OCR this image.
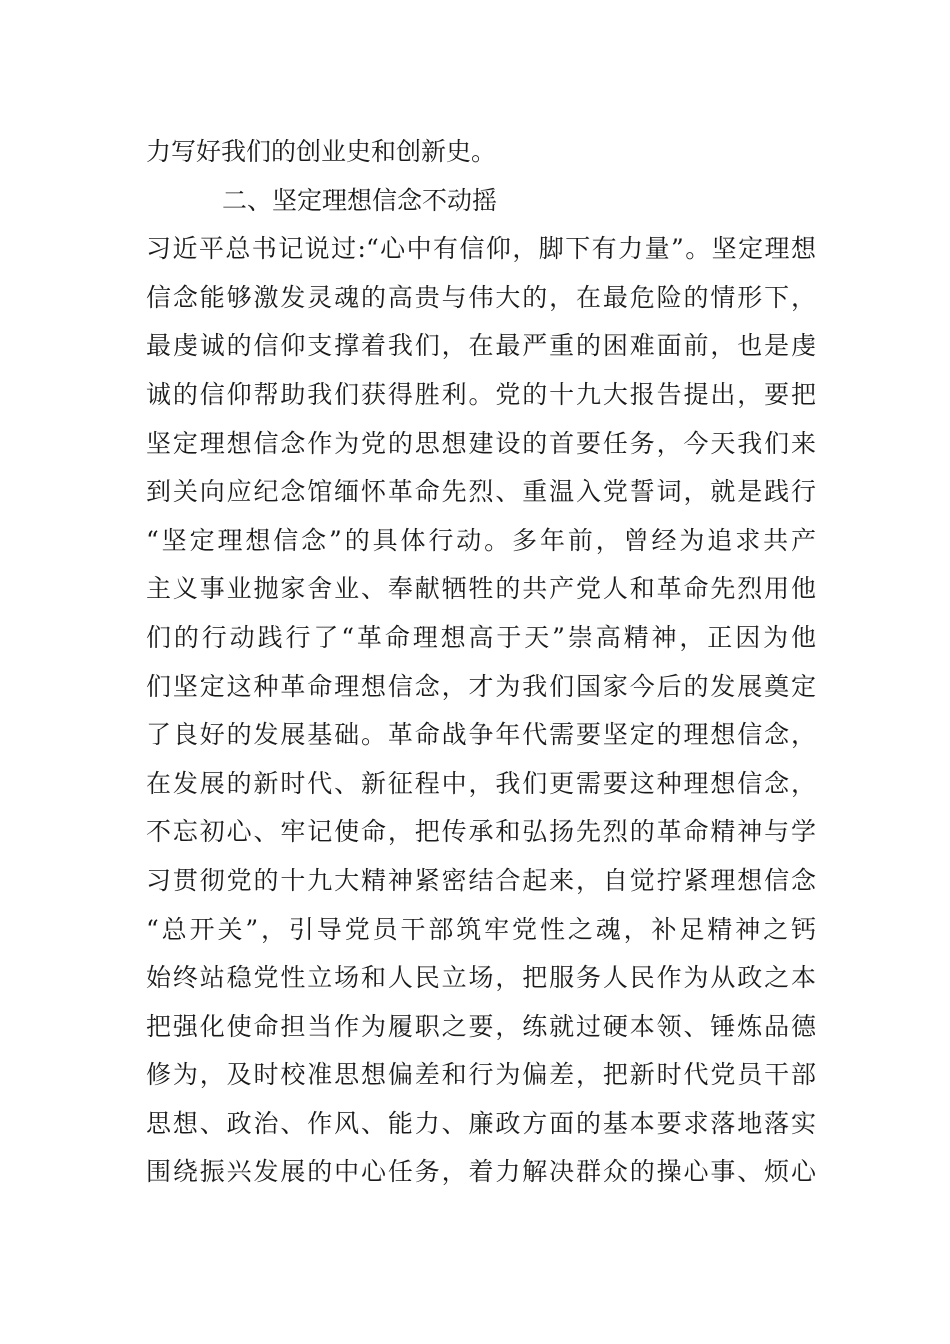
力写好我们的创业史和创新史。
二、坚定理想信念不动摇
习近平总书记说过:“心中有信仰，脚下有力量”。坚定理想
信念能够激发灵魂的高贵与伟大的，在最危险的情形下，
最虔诚的信仰支撑着我们，在最严重的困难面前，也是虔
诚的信仰帮助我们获得胜利。党的十九大报告提出，要把
坚定理想信念作为党的思想建设的首要任务，今天我们来
到关向应纪念馆缅怀革命先烈、重温入党誓词，就是践行
“坚定理想信念”的具体行动。多年前，曾经为追求共产
主义事业抛家舍业、奉献牺牲的共产党人和革命先烈用他
们的行动践行了“革命理想高于天”崇高精神，正因为他
们坚定这种革命理想信念，才为我们国家今后的发展奠定
了良好的发展基础。革命战争年代需要坚定的理想信念，
在发展的新时代、新征程中，我们更需要这种理想信念，
不忘初心、牢记使命，把传承和弘扬先烈的革命精神与学
习贯彻党的十九大精神紧密结合起来，自觉拧紧理想信念
“总开关”，引导党员干部筑牢党性之魂，补足精神之钙
始终站稳党性立场和人民立场，把服务人民作为从政之本
把强化使命担当作为履职之要，练就过硬本领、锤炼品德
修为，及时校准思想偏差和行为偏差，把新时代党员干部
思想、政治、作风、能力、廉政方面的基本要求落地落实
围绕振兴发展的中心任务，着力解决群众的操心事、烦心
